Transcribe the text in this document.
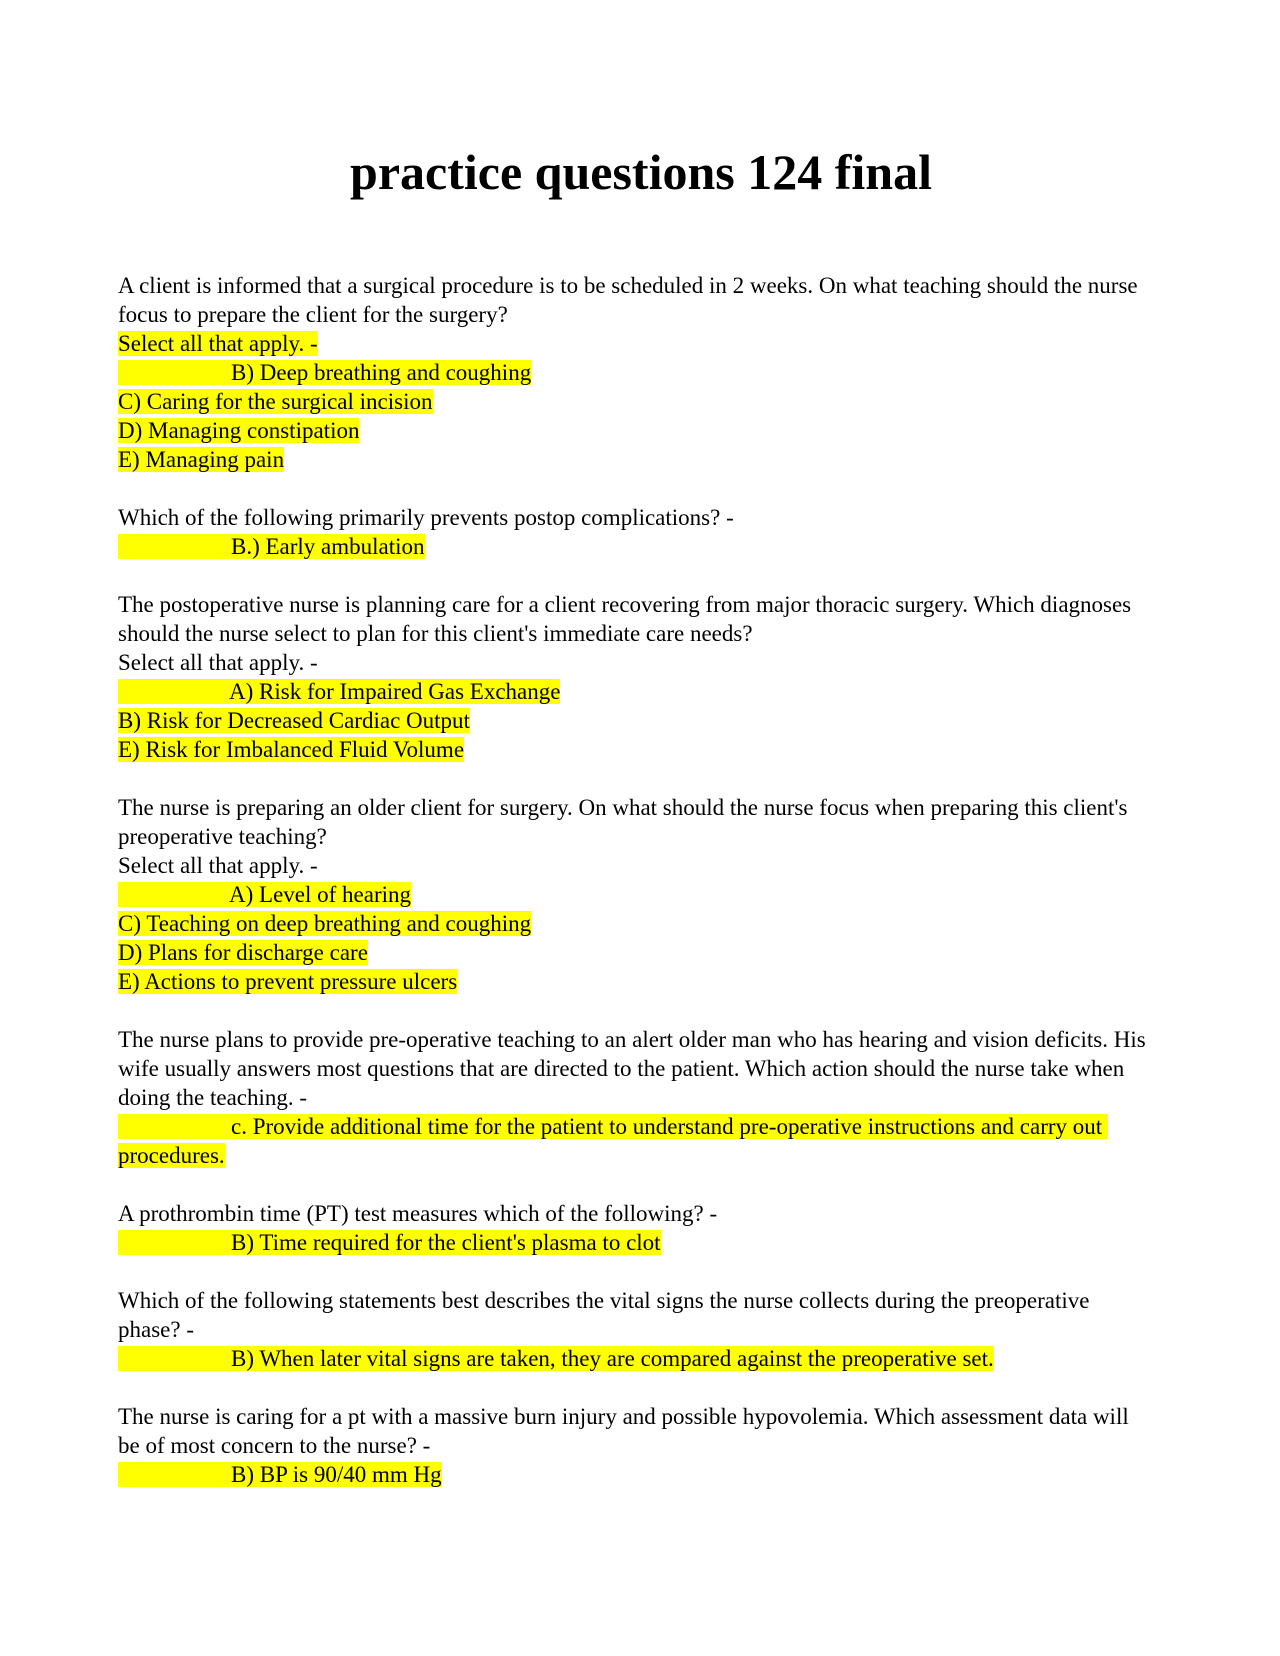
practice questions 124 final
A client is informed that a surgical procedure is to be scheduled in 2 weeks. On what teaching should the nurse focus to prepare the client for the surgery?
Select all that apply. -
B) Deep breathing and coughing
C) Caring for the surgical incision
D) Managing constipation
E) Managing pain
Which of the following primarily prevents postop complications? -
B.) Early ambulation
The postoperative nurse is planning care for a client recovering from major thoracic surgery. Which diagnoses should the nurse select to plan for this client's immediate care needs?
Select all that apply. -
A) Risk for Impaired Gas Exchange
B) Risk for Decreased Cardiac Output
E) Risk for Imbalanced Fluid Volume
The nurse is preparing an older client for surgery. On what should the nurse focus when preparing this client's preoperative teaching?
Select all that apply. -
A) Level of hearing
C) Teaching on deep breathing and coughing
D) Plans for discharge care
E) Actions to prevent pressure ulcers
The nurse plans to provide pre-operative teaching to an alert older man who has hearing and vision deficits. His wife usually answers most questions that are directed to the patient. Which action should the nurse take when doing the teaching. -
c. Provide additional time for the patient to understand pre-operative instructions and carry out procedures.
A prothrombin time (PT) test measures which of the following? -
B) Time required for the client's plasma to clot
Which of the following statements best describes the vital signs the nurse collects during the preoperative phase? -
B) When later vital signs are taken, they are compared against the preoperative set.
The nurse is caring for a pt with a massive burn injury and possible hypovolemia. Which assessment data will be of most concern to the nurse? -
B) BP is 90/40 mm Hg
